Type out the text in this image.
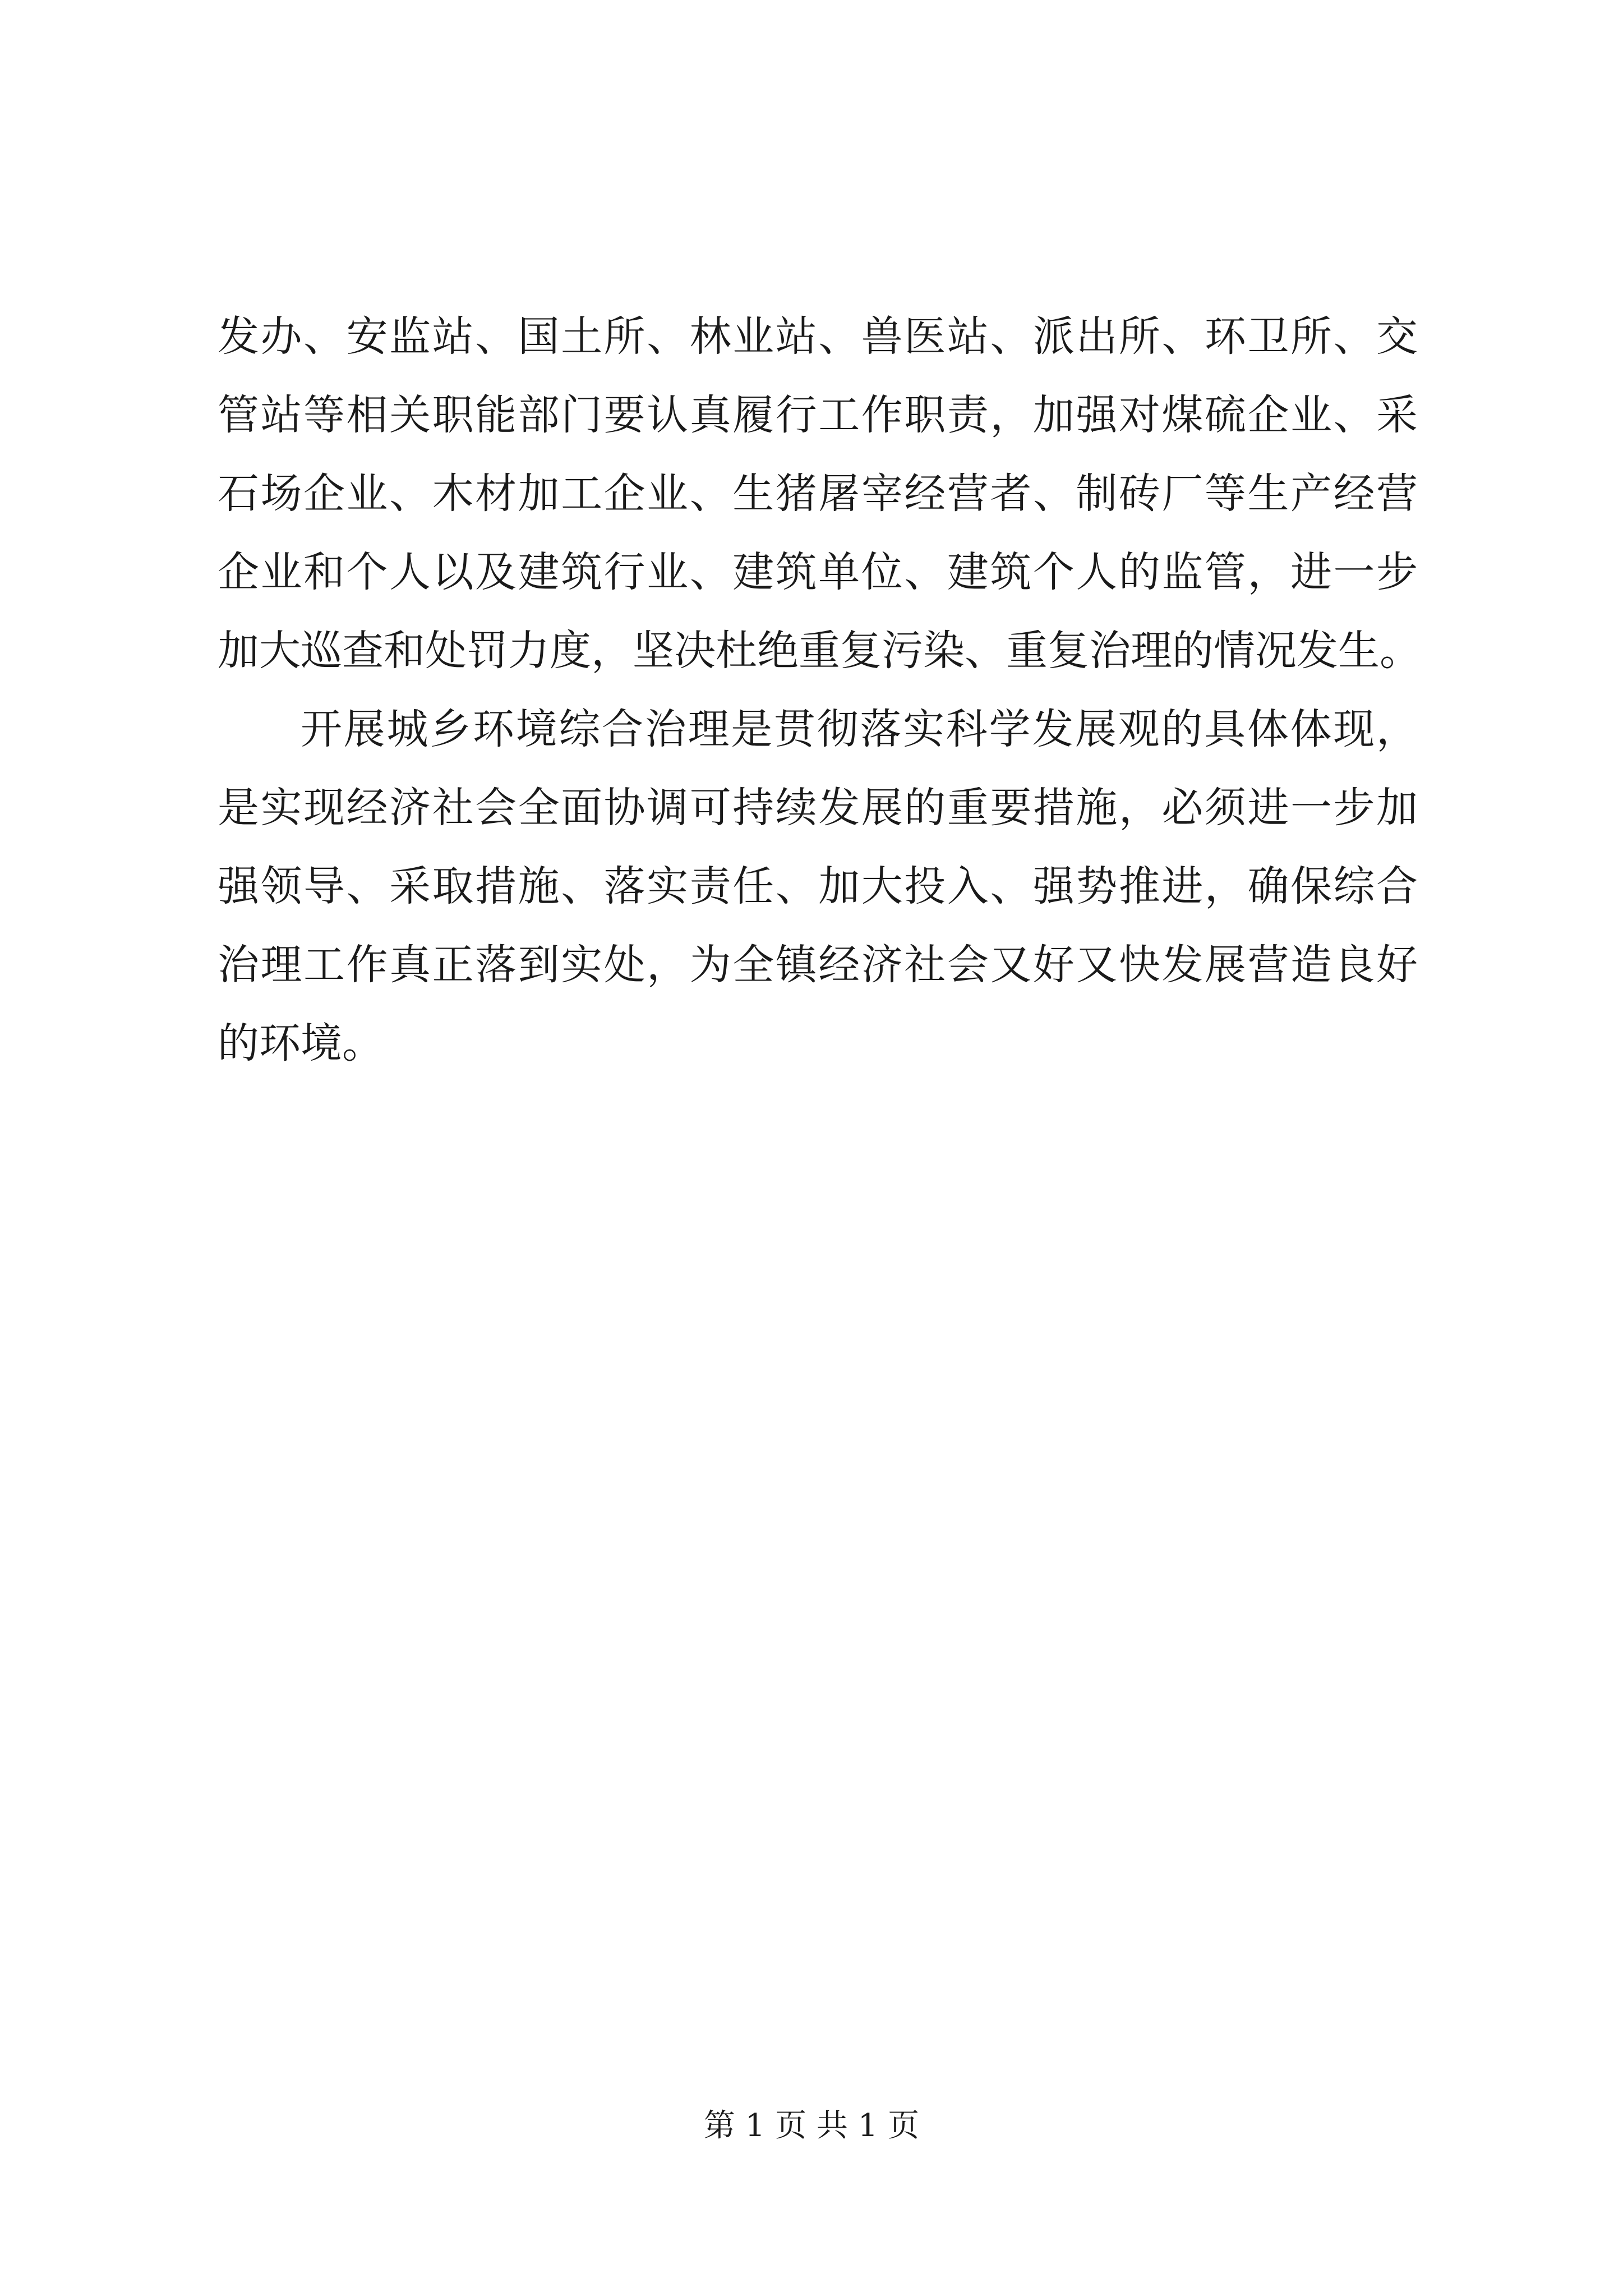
发办、安监站、国土所、林业站、兽医站、派出所、环卫所、交
管站等相关职能部门要认真履行工作职责，加强对煤硫企业、采
石场企业、木材加工企业、生猪屠宰经营者、制砖厂等生产经营
企业和个人以及建筑行业、建筑单位、建筑个人的监管，进一步
加大巡查和处罚力度，坚决杜绝重复污染、重复治理的情况发生。
开展城乡环境综合治理是贯彻落实科学发展观的具体体现，
是实现经济社会全面协调可持续发展的重要措施，必须进一步加
强领导、采取措施、落实责任、加大投入、强势推进，确保综合
治理工作真正落到实处，为全镇经济社会又好又快发展营造良好
的环境。
第 1 页 共 1 页
